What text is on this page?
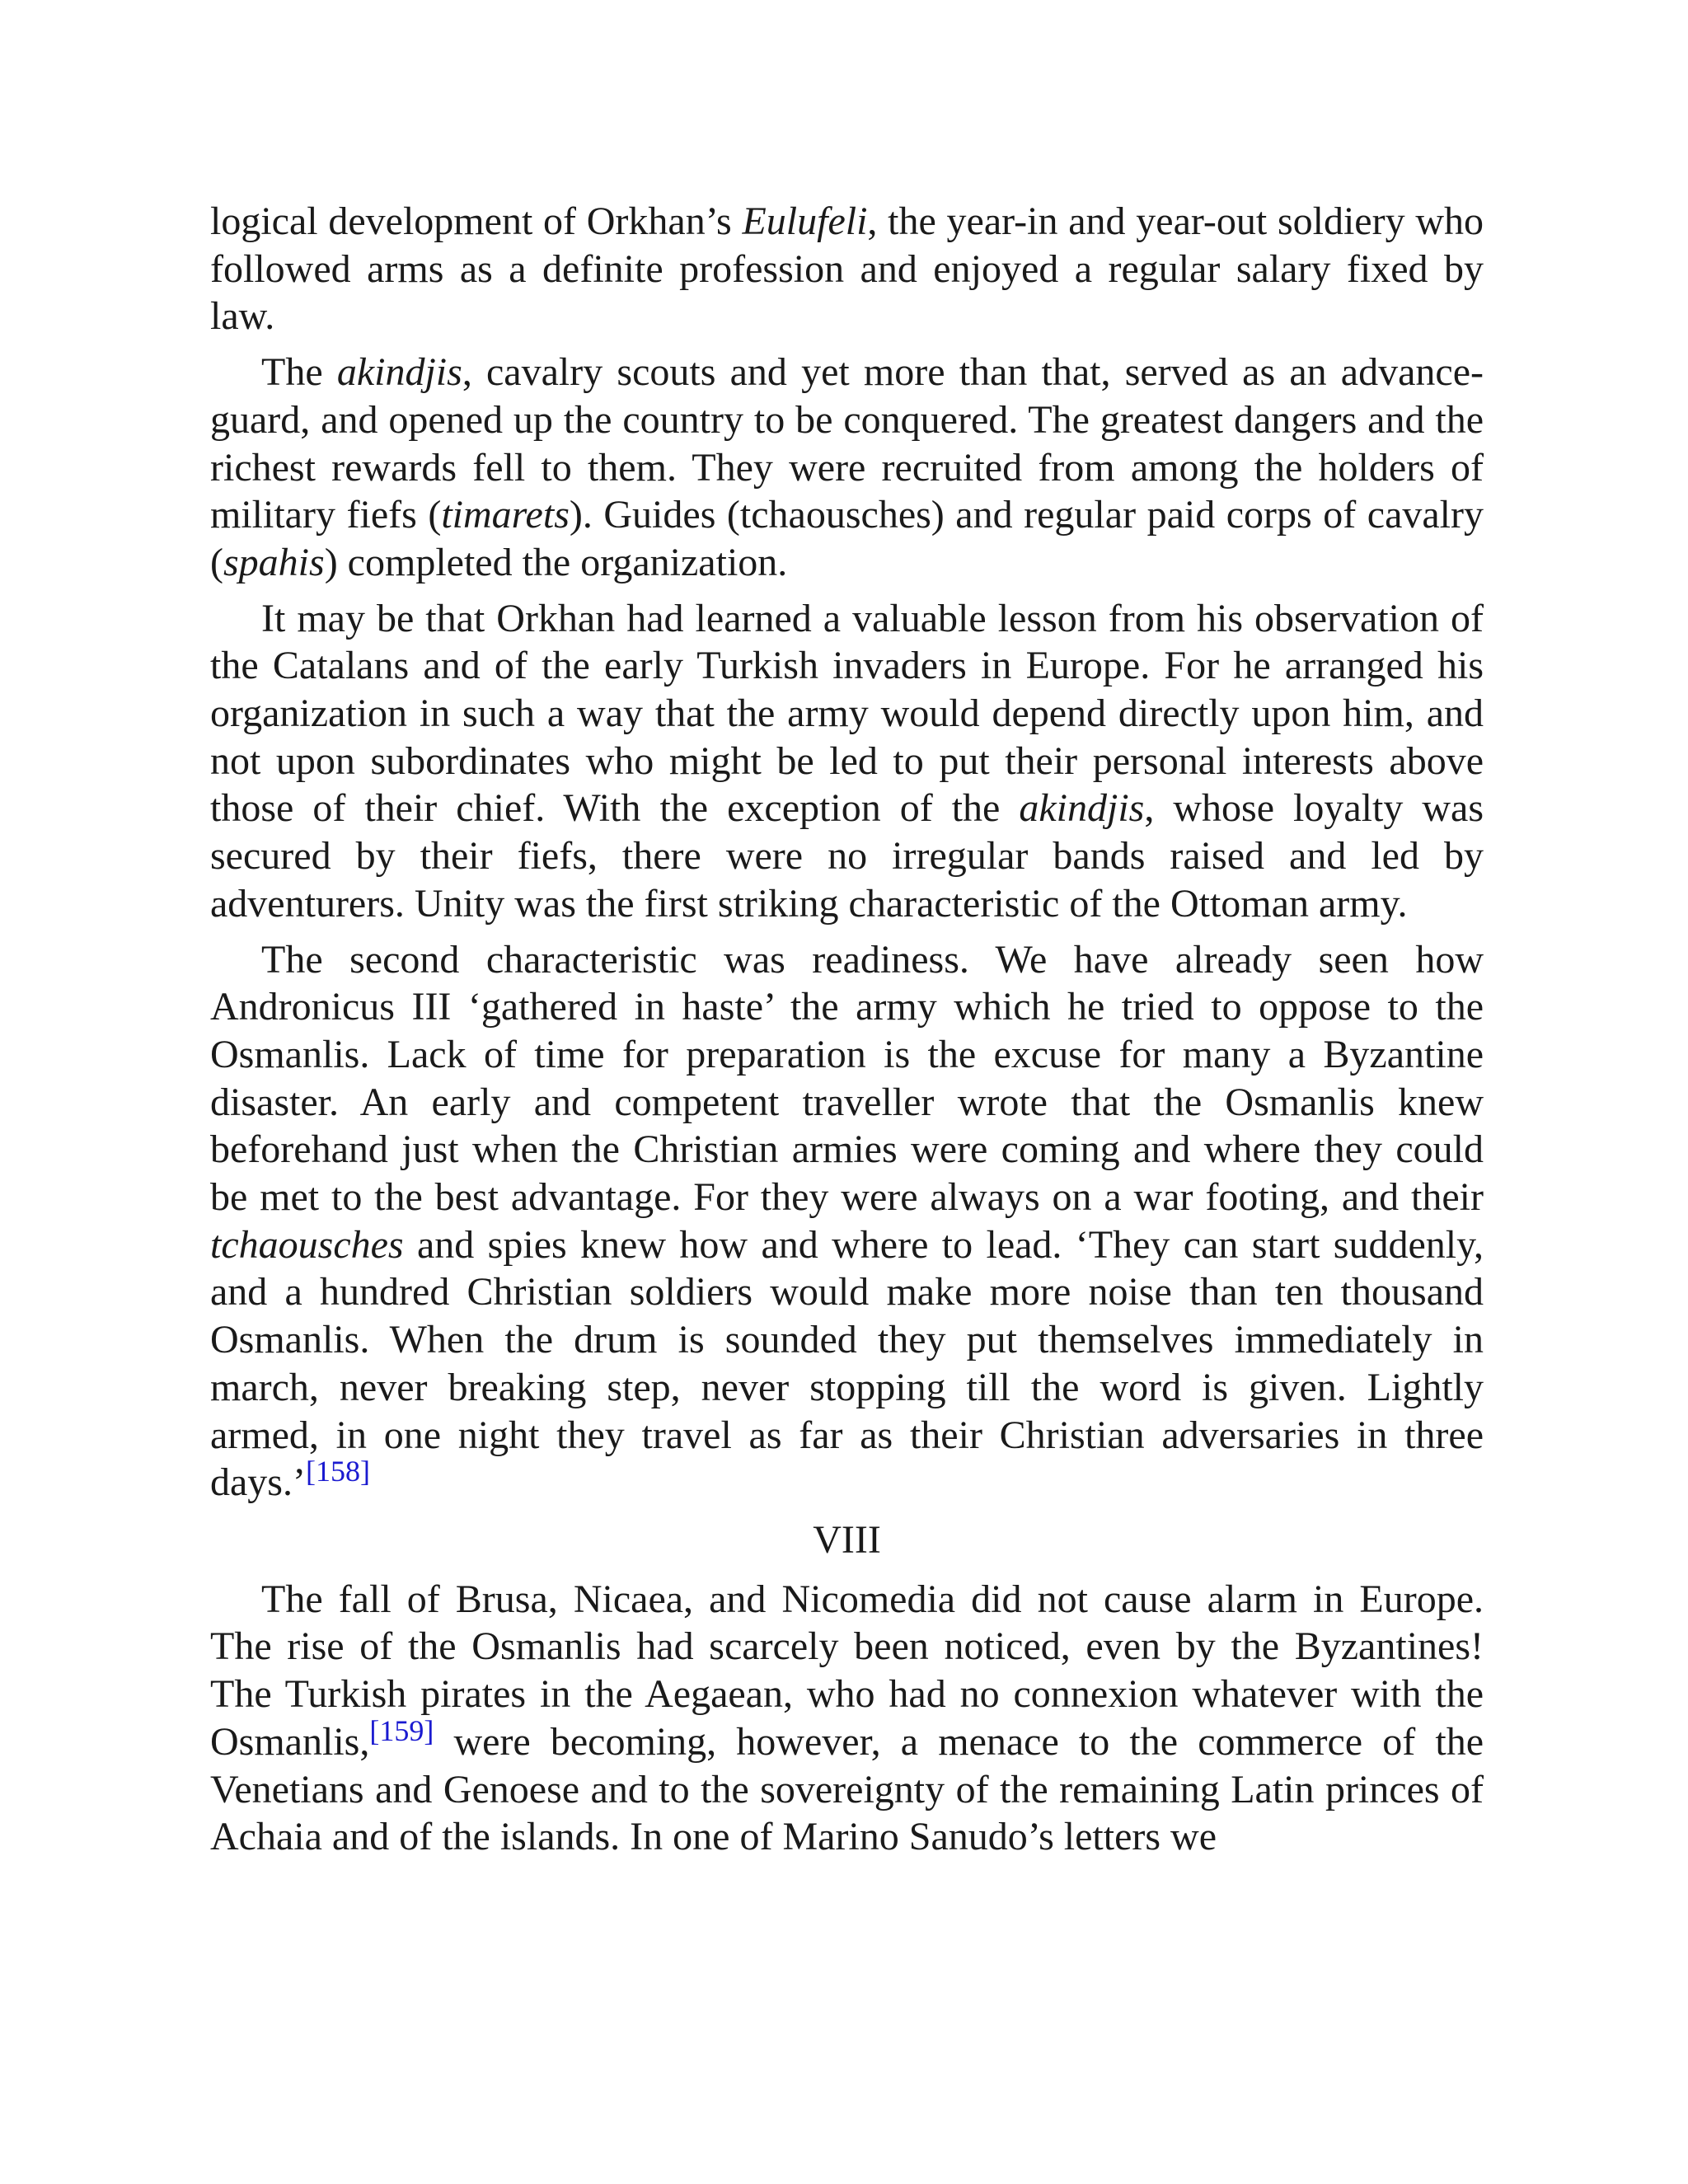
logical development of Orkhan’s Eulufeli, the year-in and year-out soldiery who followed arms as a definite profession and enjoyed a regular salary fixed by law.

The akindjis, cavalry scouts and yet more than that, served as an advance-guard, and opened up the country to be conquered. The greatest dangers and the richest rewards fell to them. They were recruited from among the holders of military fiefs (timarets). Guides (tchaousches) and regular paid corps of cavalry (spahis) completed the organization.

It may be that Orkhan had learned a valuable lesson from his observation of the Catalans and of the early Turkish invaders in Europe. For he arranged his organization in such a way that the army would depend directly upon him, and not upon subordinates who might be led to put their personal interests above those of their chief. With the exception of the akindjis, whose loyalty was secured by their fiefs, there were no irregular bands raised and led by adventurers. Unity was the first striking characteristic of the Ottoman army.

The second characteristic was readiness. We have already seen how Andronicus III ‘gathered in haste’ the army which he tried to oppose to the Osmanlis. Lack of time for preparation is the excuse for many a Byzantine disaster. An early and competent traveller wrote that the Osmanlis knew beforehand just when the Christian armies were coming and where they could be met to the best advantage. For they were always on a war footing, and their tchaousches and spies knew how and where to lead. ‘They can start suddenly, and a hundred Christian soldiers would make more noise than ten thousand Osmanlis. When the drum is sounded they put themselves immediately in march, never breaking step, never stopping till the word is given. Lightly armed, in one night they travel as far as their Christian adversaries in three days.’[158]

VIII

The fall of Brusa, Nicaea, and Nicomedia did not cause alarm in Europe. The rise of the Osmanlis had scarcely been noticed, even by the Byzantines! The Turkish pirates in the Aegaean, who had no connexion whatever with the Osmanlis,[159] were becoming, however, a menace to the commerce of the Venetians and Genoese and to the sovereignty of the remaining Latin princes of Achaia and of the islands. In one of Marino Sanudo’s letters we
